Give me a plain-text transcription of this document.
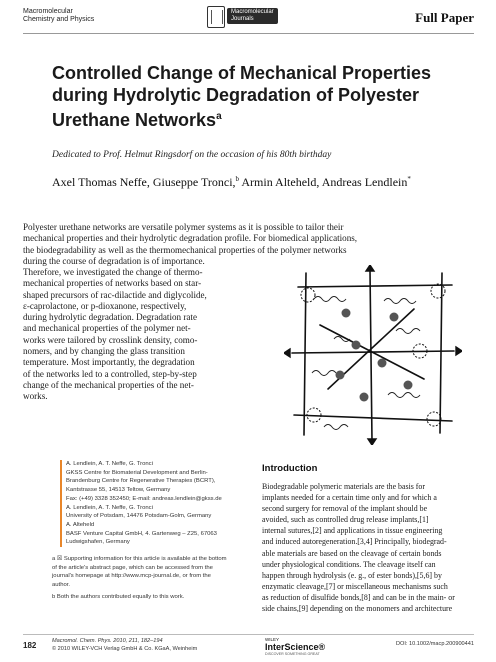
Macromolecular
Chemistry and Physics
Macromolecular
Journals	Full Paper
Controlled Change of Mechanical Properties
during Hydrolytic Degradation of Polyester
Urethane Networks$^a$
Dedicated to Prof. Helmut Ringsdorf on the occasion of his 80th birthday
Axel Thomas Neffe, Giuseppe Tronci,$^b$ Armin Alteheld, Andreas Lendlein*
Polyester urethane networks are versatile polymer systems as it is possible to tailor their
mechanical properties and their hydrolytic degradation profile. For biomedical applications,
the biodegradability as well as the thermomechanical properties of the polymer networks
during the course of degradation is of importance.
Therefore, we investigated the change of thermo-
mechanical properties of networks based on star-
shaped precursors of rac-dilactide and diglycolide,
ε-caprolactone, or p-dioxanone, respectively,
during hydrolytic degradation. Degradation rate
and mechanical properties of the polymer net-
works were tailored by crosslink density, como-
nomers, and by changing the glass transition
temperature. Most importantly, the degradation
of the networks led to a controlled, step-by-step
change of the mechanical properties of the net-
works.
A. Lendlein, A. T. Neffe, G. Tronci
GKSS Centre for Biomaterial Development and Berlin-
Brandenburg Centre for Regenerative Therapies (BCRT),
Kantstrasse 55, 14513 Teltow, Germany
Fax: (+49) 3328 352450; E-mail: andreas.lendlein@gkss.de
A. Lendlein, A. T. Neffe, G. Tronci
University of Potsdam, 14476 Potsdam-Golm, Germany
A. Alteheld
BASF Venture Capital GmbH, 4. Gartenweg – Z25, 67063
Ludwigshafen, Germany
a ☒ Supporting information for this article is available at the bottom
of the article's abstract page, which can be accessed from the
journal's homepage at http://www.mcp-journal.de, or from the
author.
b Both the authors contributed equally to this work.
Introduction
Biodegradable polymeric materials are the basis for
implants needed for a certain time only and for which a
second surgery for removal of the implant should be
avoided, such as controlled drug release implants,[1]
internal sutures,[2] and applications in tissue engineering
and induced autoregeneration.[3,4] Principally, biodegrad-
able materials are based on the cleavage of certain bonds
under physiological conditions. The cleavage itself can
happen through hydrolysis (e. g., of ester bonds),[5,6] by
enzymatic cleavage,[7] or miscellaneous mechanisms such
as reduction of disulfide bonds,[8] and can be in the main- or
side chains,[9] depending on the monomers and architecture
182	Macromol. Chem. Phys. 2010, 211, 182–194
© 2010 WILEY-VCH Verlag GmbH & Co. KGaA, Weinheim
WILEY
InterScience®
DISCOVER SOMETHING GREAT
DOI: 10.1002/macp.200900441
